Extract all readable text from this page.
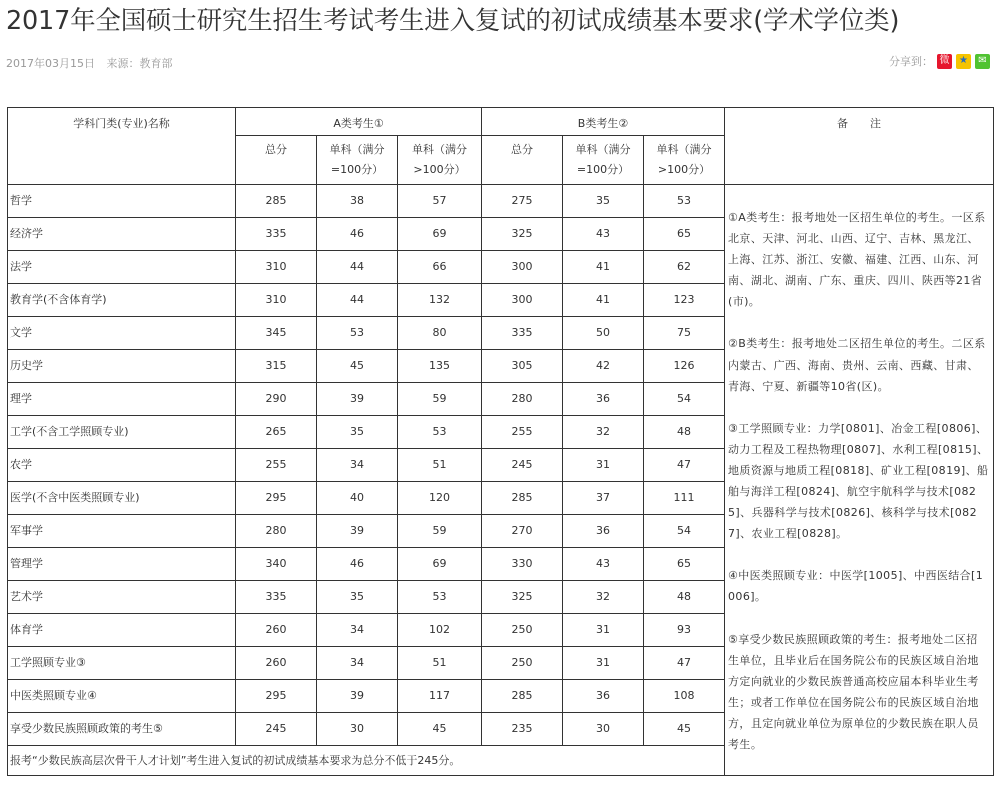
2017年全国硕士研究生招生考试考生进入复试的初试成绩基本要求(学术学位类)
2017年03月15日 来源：教育部	分享到： 微 ★	✉
学科门类(专业)名称	A类考生①			B类考生②			备　　注
	总分	单科（满分=100分）	单科（满分>100分）	总分	单科（满分=100分）	单科（满分>100分）	
哲学	285	38	57	275	35	53	①A类考生：报考地处一区招生单位的考生。一区系北京、天津、河北、山西、辽宁、吉林、黑龙江、上海、江苏、浙江、安徽、福建、江西、山东、河南、湖北、湖南、广东、重庆、四川、陕西等21省(市)。

②B类考生：报考地处二区招生单位的考生。二区系内蒙古、广西、海南、贵州、云南、西藏、甘肃、青海、宁夏、新疆等10省(区)。

③工学照顾专业：力学[0801]、冶金工程[0806]、动力工程及工程热物理[0807]、水利工程[0815]、地质资源与地质工程[0818]、矿业工程[0819]、船舶与海洋工程[0824]、航空宇航科学与技术[0825]、兵器科学与技术[0826]、核科学与技术[0827]、农业工程[0828]。

④中医类照顾专业：中医学[1005]、中西医结合[1006]。

⑤享受少数民族照顾政策的考生：报考地处二区招生单位，且毕业后在国务院公布的民族区域自治地方定向就业的少数民族普通高校应届本科毕业生考生；或者工作单位在国务院公布的民族区域自治地方，且定向就业单位为原单位的少数民族在职人员考生。

经济学	335	46	69	325	43	65	
法学	310	44	66	300	41	62	
教育学(不含体育学)	310	44	132	300	41	123	
文学	345	53	80	335	50	75	
历史学	315	45	135	305	42	126	
理学	290	39	59	280	36	54	
工学(不含工学照顾专业)	265	35	53	255	32	48	
农学	255	34	51	245	31	47	
医学(不含中医类照顾专业)	295	40	120	285	37	111	
军事学	280	39	59	270	36	54	
管理学	340	46	69	330	43	65	
艺术学	335	35	53	325	32	48	
体育学	260	34	102	250	31	93	
工学照顾专业③	260	34	51	250	31	47	
中医类照顾专业④	295	39	117	285	36	108	
享受少数民族照顾政策的考生⑤	245	30	45	235	30	45	
报考“少数民族高层次骨干人才计划”考生进入复试的初试成绩基本要求为总分不低于245分。							
